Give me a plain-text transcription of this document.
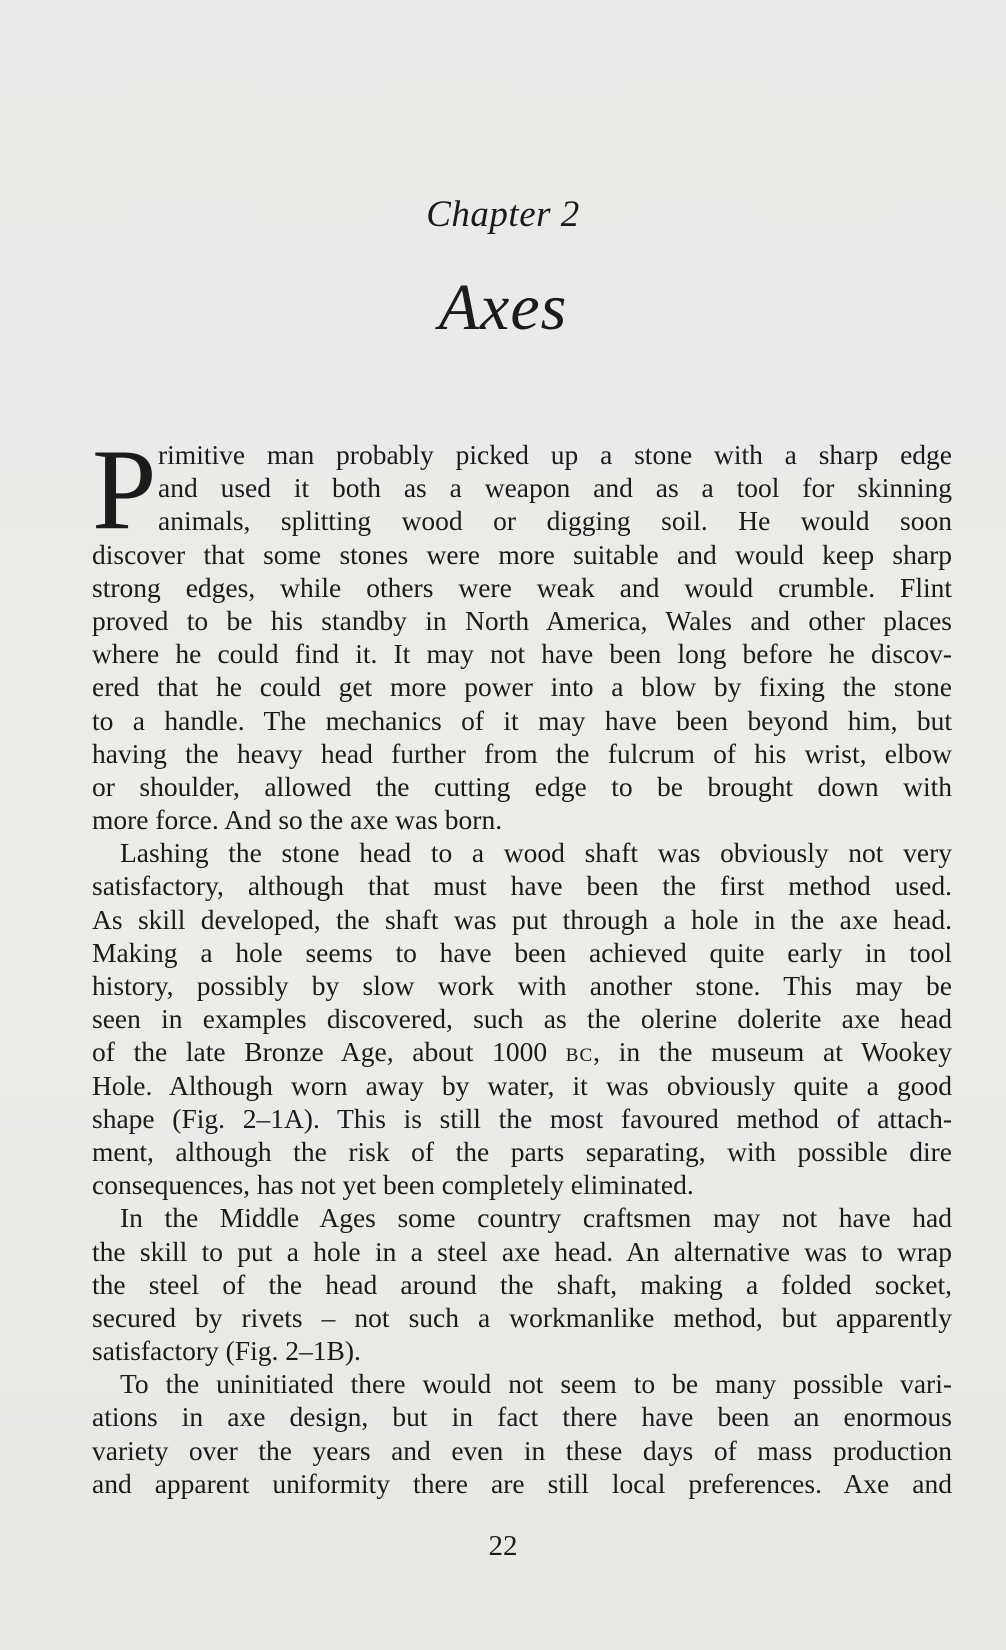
Chapter 2
Axes
P rimitive man probably picked up a stone with a sharp edge
and used it both as a weapon and as a tool for skinning
animals, splitting wood or digging soil. He would soon
discover that some stones were more suitable and would keep sharp
strong edges, while others were weak and would crumble. Flint
proved to be his standby in North America, Wales and other places
where he could find it. It may not have been long before he discov-
ered that he could get more power into a blow by fixing the stone
to a handle. The mechanics of it may have been beyond him, but
having the heavy head further from the fulcrum of his wrist, elbow
or shoulder, allowed the cutting edge to be brought down with
more force. And so the axe was born.
Lashing the stone head to a wood shaft was obviously not very
satisfactory, although that must have been the first method used.
As skill developed, the shaft was put through a hole in the axe head.
Making a hole seems to have been achieved quite early in tool
history, possibly by slow work with another stone. This may be
seen in examples discovered, such as the olerine dolerite axe head
of the late Bronze Age, about 1000 BC, in the museum at Wookey
Hole. Although worn away by water, it was obviously quite a good
shape (Fig. 2–1A). This is still the most favoured method of attach-
ment, although the risk of the parts separating, with possible dire
consequences, has not yet been completely eliminated.
In the Middle Ages some country craftsmen may not have had
the skill to put a hole in a steel axe head. An alternative was to wrap
the steel of the head around the shaft, making a folded socket,
secured by rivets – not such a workmanlike method, but apparently
satisfactory (Fig. 2–1B).
To the uninitiated there would not seem to be many possible vari-
ations in axe design, but in fact there have been an enormous
variety over the years and even in these days of mass production
and apparent uniformity there are still local preferences. Axe and
22
